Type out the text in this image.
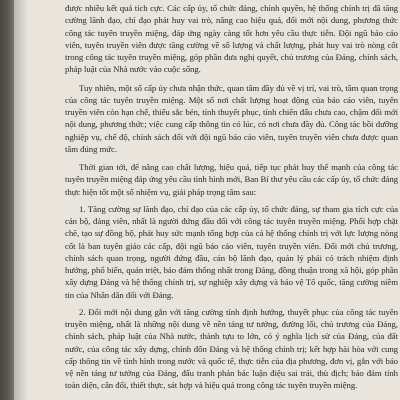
được nhiều kết quả tích cực. Các cấp ủy, tổ chức đảng, chính quyền, hệ thống chính trị đã tăng cường lãnh đạo, chỉ đạo phát huy vai trò, nâng cao hiệu quả, đổi mới nội dung, phương thức công tác tuyên truyền miệng, đáp ứng ngày càng tốt hơn yêu cầu thực tiễn. Đội ngũ báo cáo viên, tuyên truyền viên được tăng cường về số lượng và chất lượng, phát huy vai trò nòng cốt trong công tác tuyên truyền miệng, góp phần đưa nghị quyết, chủ trương của Đảng, chính sách, pháp luật của Nhà nước vào cuộc sống.

Tuy nhiên, một số cấp ủy chưa nhận thức, quan tâm đầy đủ về vị trí, vai trò, tầm quan trọng của công tác tuyên truyền miệng. Một số nơi chất lượng hoạt động của báo cáo viên, tuyên truyền viên còn hạn chế, thiếu sắc bén, tính thuyết phục, tính chiến đấu chưa cao, chậm đổi mới nội dung, phương thức; việc cung cấp thông tin có lúc, có nơi chưa đầy đủ. Công tác bồi dưỡng nghiệp vụ, chế độ, chính sách đối với đội ngũ báo cáo viên, tuyên truyền viên chưa được quan tâm đúng mức.

Thời gian tới, để nâng cao chất lượng, hiệu quả, tiếp tục phát huy thế mạnh của công tác tuyên truyền miệng đáp ứng yêu cầu tình hình mới, Ban Bí thư yêu cầu các cấp ủy, tổ chức đảng thực hiện tốt một số nhiệm vụ, giải pháp trọng tâm sau:

1. Tăng cường sự lãnh đạo, chỉ đạo của các cấp ủy, tổ chức đảng, sự tham gia tích cực của cán bộ, đảng viên, nhất là người đứng đầu đối với công tác tuyên truyền miệng. Phối hợp chặt chẽ, tạo sự đồng bộ, phát huy sức mạnh tổng hợp của cả hệ thống chính trị với lực lượng nòng cốt là ban tuyên giáo các cấp, đội ngũ báo cáo viên, tuyên truyền viên. Đổi mới chủ trương, chính sách quan trọng, người đứng đầu, cán bộ lãnh đạo, quản lý phải có trách nhiệm định hướng, phổ biến, quán triệt, bảo đảm thống nhất trong Đảng, đồng thuận trong xã hội, góp phần xây dựng Đảng và hệ thống chính trị, sự nghiệp xây dựng và bảo vệ Tổ quốc, tăng cường niềm tin của Nhân dân đối với Đảng.

2. Đổi mới nội dung gắn với tăng cường tính định hướng, thuyết phục của công tác tuyên truyền miệng, nhất là những nội dung về nền tảng tư tưởng, đường lối, chủ trương của Đảng, chính sách, pháp luật của Nhà nước, thành tựu to lớn, có ý nghĩa lịch sử của Đảng, của đất nước, của công tác xây dựng, chỉnh đốn Đảng và hệ thống chính trị; kết hợp hài hòa với cung cấp thông tin về tình hình trong nước và quốc tế, thực tiễn của địa phương, đơn vị, gắn với bảo vệ nền tảng tư tưởng của Đảng, đấu tranh phản bác luận điệu sai trái, thù địch; bảo đảm tính toàn diện, cân đối, thiết thực, sát hợp và hiệu quả trong công tác tuyên truyền miệng.
